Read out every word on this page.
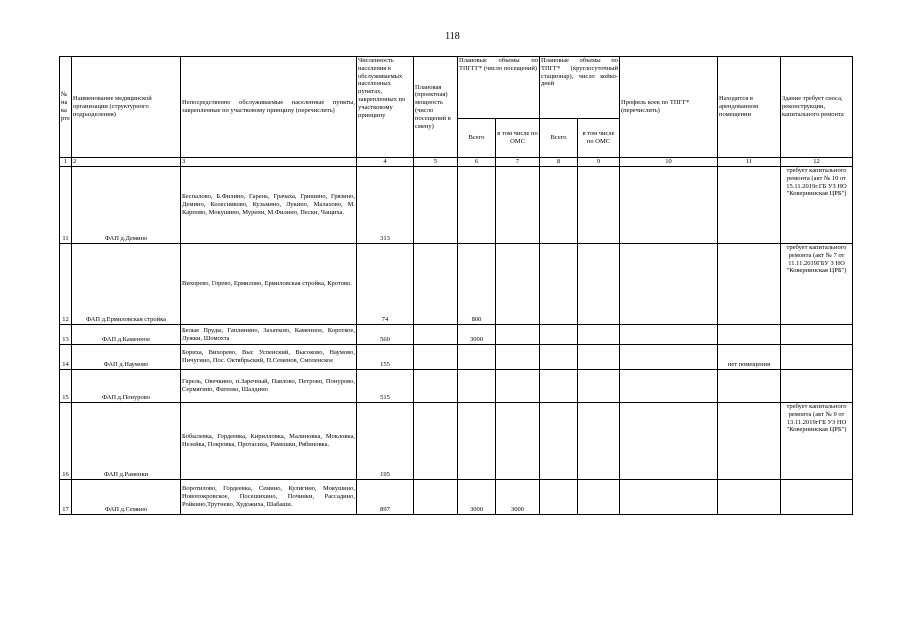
118
№ на карте	Наименование медицинской организации (структурного подразделения)	Непосредственно обслуживаемые населенные пункты, закрепленные по участковому принципу (перечислить)	Численность населения в обслуживаемых населенных пунктах, закрепленных по участковому принципу	Плановая (проектная) мощность (число посещений в смену)	Плановые объемы по ТПГГГ* (число посещений)		Плановые объемы по ТПГГ* (круглосуточный стационар), число койко-дней		Профиль коек по ТПГГ* (перечислить)	Находится в арендованном помещении	Здание требует сноса, реконструкции, капитального ремонта
					Всего	в том числе по ОМС	Всего	в том числе по ОМС			
1	2	3	4	5	6	7	8	9	10	11	12
11	ФАП д.Демино	Беспалово, Б.Филино, Гарень, Грачаха, Гришино, Грязино, Демино, Колесниково, Кузьмино, Лукино, Малахово, М. Карпово, Мокушино, Мурени, М.Филино, Пески, Чащиха.	313								требует капитального ремонта (акт № 10 от 15.11.2019г.ГБ УЗ НО "Ковернинская ЦРБ")
12	ФАП д.Ермиловская стройка	Вихорево, Горево, Ермилово, Ермиловская стройка, Кротово.	74		800						требует капитального ремонта (акт № 7 от 11.11.2019ГБУ З НО "Ковернинская ЦРБ")
13	ФАП д.Каменное	Белые Пруды, Гаплинино, Захаткою, Каменное, Короткое, Лужки, Шомохта	560		3000						
14	ФАП д.Наумово	Бориха, Вихорево, Выс Успенский, Высоково, Наумово, Пичугино, Пос. Октябрьский, П.Семенов, Смоленское	155							нет помещения	
15	ФАП д.Понурово	Гарель, Овечкино, п.Заречный, Павлово, Петрово, Понурово, Сермягино, Фатеево, Шалдино	515								
16	ФАП д.Раменки	Бобылевка, Гордеевка, Кирилловка, Малиновка, Мокловка, Незейка, Покровка, Протасиха, Рамешки, Рябиновка.	195								требует капитального ремонта (акт № 9 от 13.11.2019гГБ УЗ НО "Ковернинская ЦРБ")
17	ФАП д.Семино	Воротилово, Гордеевка, Семино, Кулигино, Мокушино, Новопокровское, Посешихино, Починки, Рассадино, Ройкино,Трутнево, Художиха, Шабаши.	897		3000	3000					
